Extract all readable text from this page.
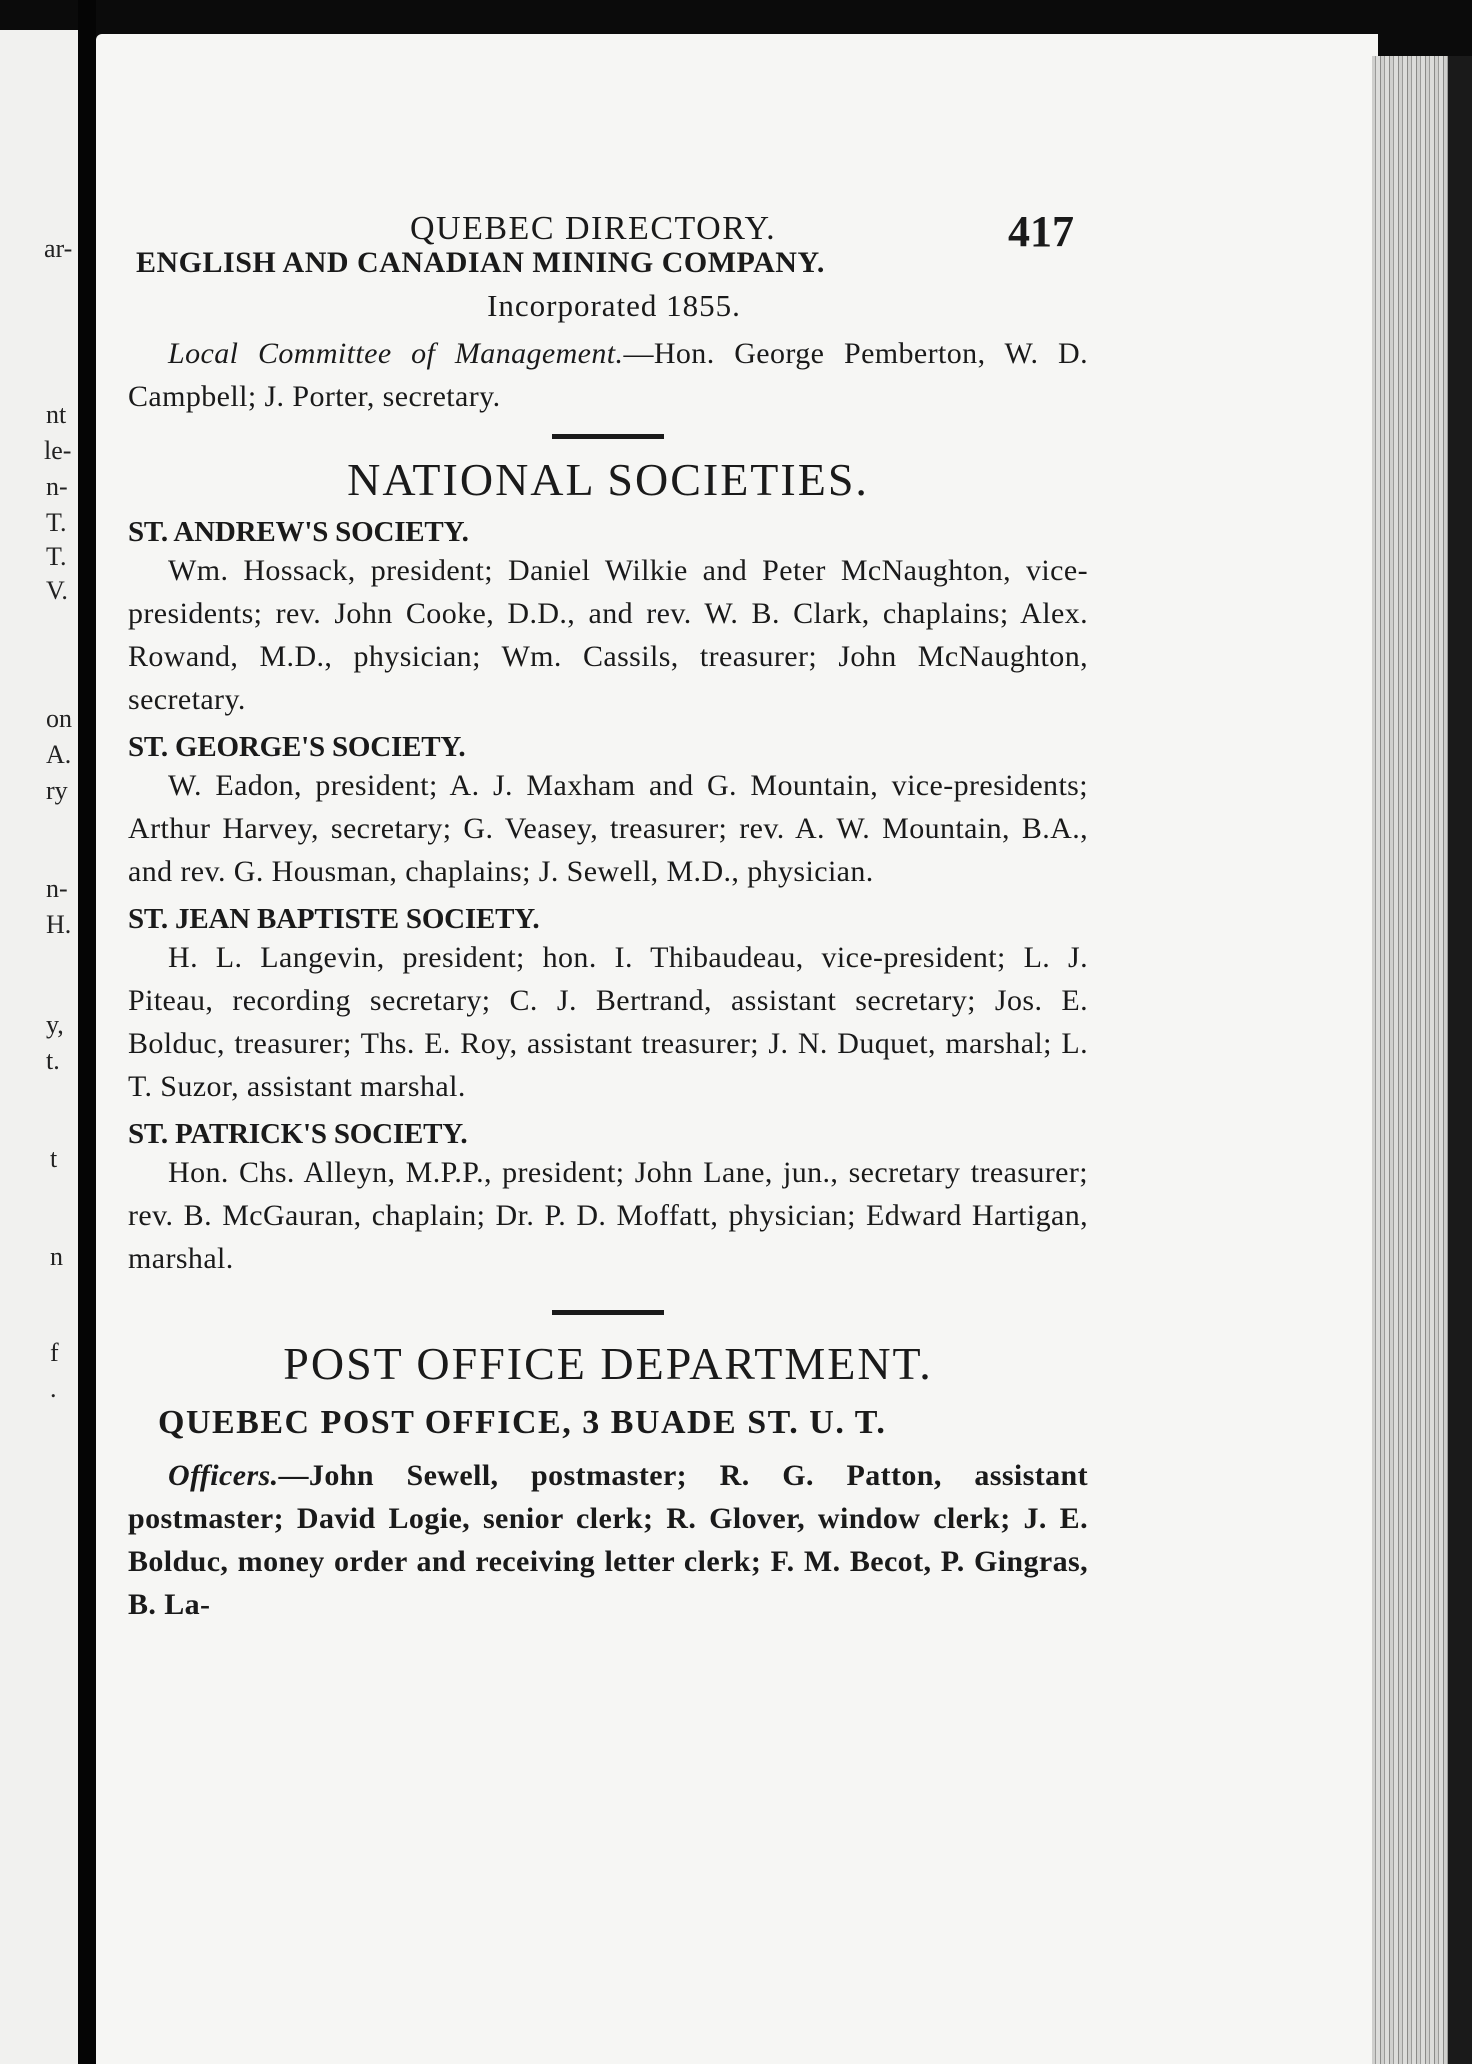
ar-
nt
le-
n-
T.
T.
V.
on
A.
ry
n-
H.
y,
t.
t
n
f
.
QUEBEC DIRECTORY.	417
ENGLISH AND CANADIAN MINING COMPANY.
Incorporated 1855.

Local Committee of Management.—Hon. George Pemberton, W. D. Campbell; J. Porter, secretary.

NATIONAL SOCIETIES.
ST. ANDREW'S SOCIETY.

Wm. Hossack, president; Daniel Wilkie and Peter McNaughton, vice-presidents; rev. John Cooke, D.D., and rev. W. B. Clark, chaplains; Alex. Rowand, M.D., physician; Wm. Cassils, treasurer; John McNaughton, secretary.

ST. GEORGE'S SOCIETY.

W. Eadon, president; A. J. Maxham and G. Mountain, vice-presidents; Arthur Harvey, secretary; G. Veasey, treasurer; rev. A. W. Mountain, B.A., and rev. G. Housman, chaplains; J. Sewell, M.D., physician.

ST. JEAN BAPTISTE SOCIETY.

H. L. Langevin, president; hon. I. Thibaudeau, vice-president; L. J. Piteau, recording secretary; C. J. Bertrand, assistant secretary; Jos. E. Bolduc, treasurer; Ths. E. Roy, assistant treasurer; J. N. Duquet, marshal; L. T. Suzor, assistant marshal.

ST. PATRICK'S SOCIETY.

Hon. Chs. Alleyn, M.P.P., president; John Lane, jun., secretary treasurer; rev. B. McGauran, chaplain; Dr. P. D. Moffatt, physician; Edward Hartigan, marshal.

POST OFFICE DEPARTMENT.
QUEBEC POST OFFICE, 3 BUADE ST. U. T.

Officers.—John Sewell, postmaster; R. G. Patton, assistant postmaster; David Logie, senior clerk; R. Glover, window clerk; J. E. Bolduc, money order and receiving letter clerk; F. M. Becot, P. Gingras, B. La-
